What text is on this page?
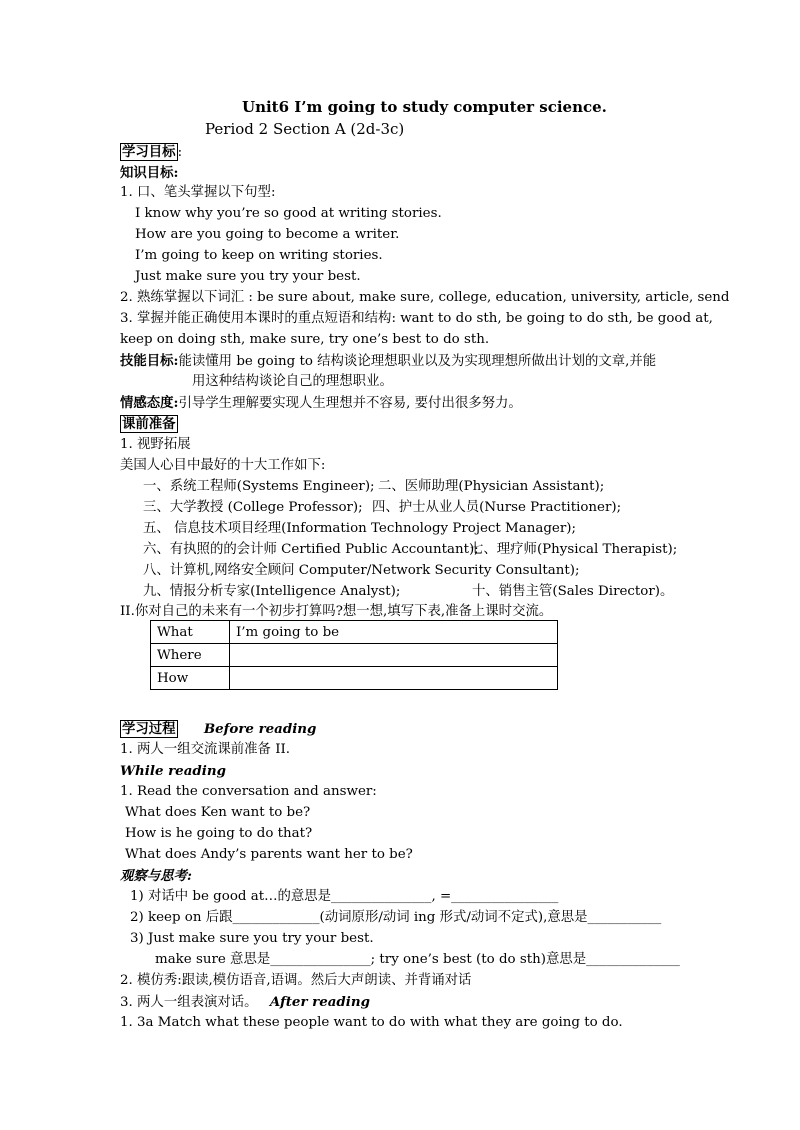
Unit6 I’m going to study computer science.
Period 2 Section A (2d-3c)
学习目标 :
知识目标:
1. 口、笔头掌握以下句型:
I know why you’re so good at writing stories.
How are you going to become a writer.
I’m going to keep on writing stories.
Just make sure you try your best.
2. 熟练掌握以下词汇 : be sure about, make sure, college, education, university, article, send
3. 掌握并能正确使用本课时的重点短语和结构: want to do sth, be going to do sth, be good at,
keep on doing sth, make sure, try one’s best to do sth.
技能目标:能读懂用 be going to 结构谈论理想职业以及为实现理想所做出计划的文章,并能
用这种结构谈论自己的理想职业。
情感态度:引导学生理解要实现人生理想并不容易, 要付出很多努力。
课前准备
1. 视野拓展
美国人心目中最好的十大工作如下:
一、系统工程师(Systems Engineer); 二、医师助理(Physician Assistant);
三、大学教授 (College Professor); 四、护士从业人员(Nurse Practitioner);
五、 信息技术项目经理(Information Technology Project Manager);
六、有执照的的会计师 Certified Public Accountant);
七、理疗师(Physical Therapist);
八、计算机,网络安全顾问 Computer/Network Security Consultant);
九、情报分析专家(Intelligence Analyst);	十、销售主管(Sales Director)。
II.你对自己的未来有一个初步打算吗?想一想,填写下表,准备上课时交流。
What	I’m going to be
Where	
How	
学习过程 Before reading
1. 两人一组交流课前准备 II.
While reading
1. Read the conversation and answer:
What does Ken want to be?
How is he going to do that?
What does Andy’s parents want her to be?
观察与思考:
1) 对话中 be good at…的意思是_______________, =________________
2) keep on 后跟_____________(动词原形/动词 ing 形式/动词不定式),意思是___________
3) Just make sure you try your best.
make sure 意思是_______________; try one’s best (to do sth)意思是______________
2. 模仿秀:跟读,模仿语音,语调。然后大声朗读、并背诵对话
3. 两人一组表演对话。 After reading
1. 3a Match what these people want to do with what they are going to do.
